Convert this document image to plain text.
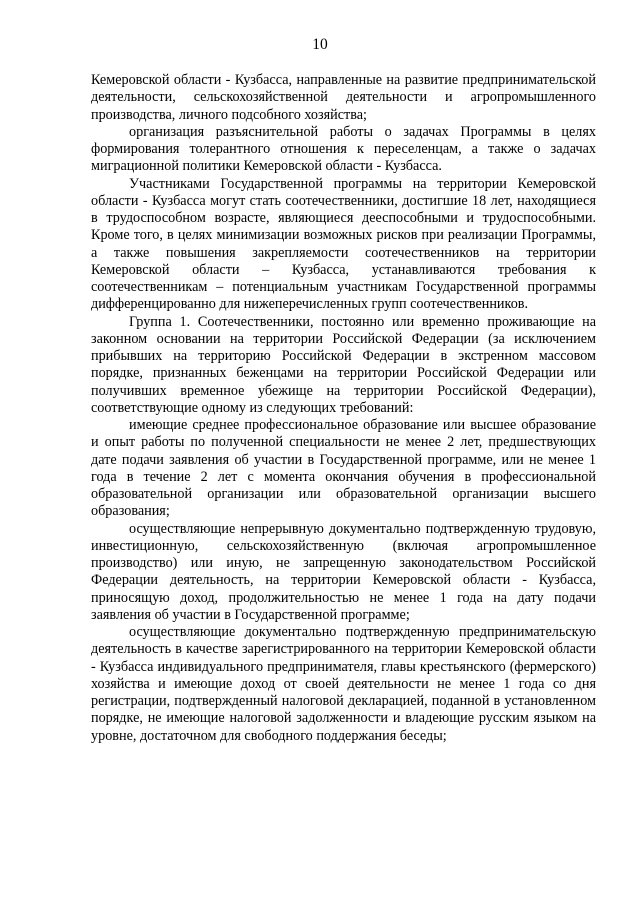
10

Кемеровской области - Кузбасса, направленные на развитие предпринимательской деятельности, сельскохозяйственной деятельности и агропромышленного производства, личного подсобного хозяйства;

организация разъяснительной работы о задачах Программы в целях формирования толерантного отношения к переселенцам, а также о задачах миграционной политики Кемеровской области - Кузбасса.

Участниками Государственной программы на территории Кемеровской области - Кузбасса могут стать соотечественники, достигшие 18 лет, находящиеся в трудоспособном возрасте, являющиеся дееспособными и трудоспособными. Кроме того, в целях минимизации возможных рисков при реализации Программы, а также повышения закрепляемости соотечественников на территории Кемеровской области – Кузбасса, устанавливаются требования к соотечественникам – потенциальным участникам Государственной программы дифференцированно для нижеперечисленных групп соотечественников.

Группа 1. Соотечественники, постоянно или временно проживающие на законном основании на территории Российской Федерации (за исключением прибывших на территорию Российской Федерации в экстренном массовом порядке, признанных беженцами на территории Российской Федерации или получивших временное убежище на территории Российской Федерации), соответствующие одному из следующих требований:

имеющие среднее профессиональное образование или высшее образование и опыт работы по полученной специальности не менее 2 лет, предшествующих дате подачи заявления об участии в Государственной программе, или не менее 1 года в течение 2 лет с момента окончания обучения в профессиональной образовательной организации или образовательной организации высшего образования;

осуществляющие непрерывную документально подтвержденную трудовую, инвестиционную, сельскохозяйственную (включая агропромышленное производство) или иную, не запрещенную законодательством Российской Федерации деятельность, на территории Кемеровской области - Кузбасса, приносящую доход, продолжительностью не менее 1 года на дату подачи заявления об участии в Государственной программе;

осуществляющие документально подтвержденную предпринимательскую деятельность в качестве зарегистрированного на территории Кемеровской области - Кузбасса индивидуального предпринимателя, главы крестьянского (фермерского) хозяйства и имеющие доход от своей деятельности не менее 1 года со дня регистрации, подтвержденный налоговой декларацией, поданной в установленном порядке, не имеющие налоговой задолженности и владеющие русским языком на уровне, достаточном для свободного поддержания беседы;
